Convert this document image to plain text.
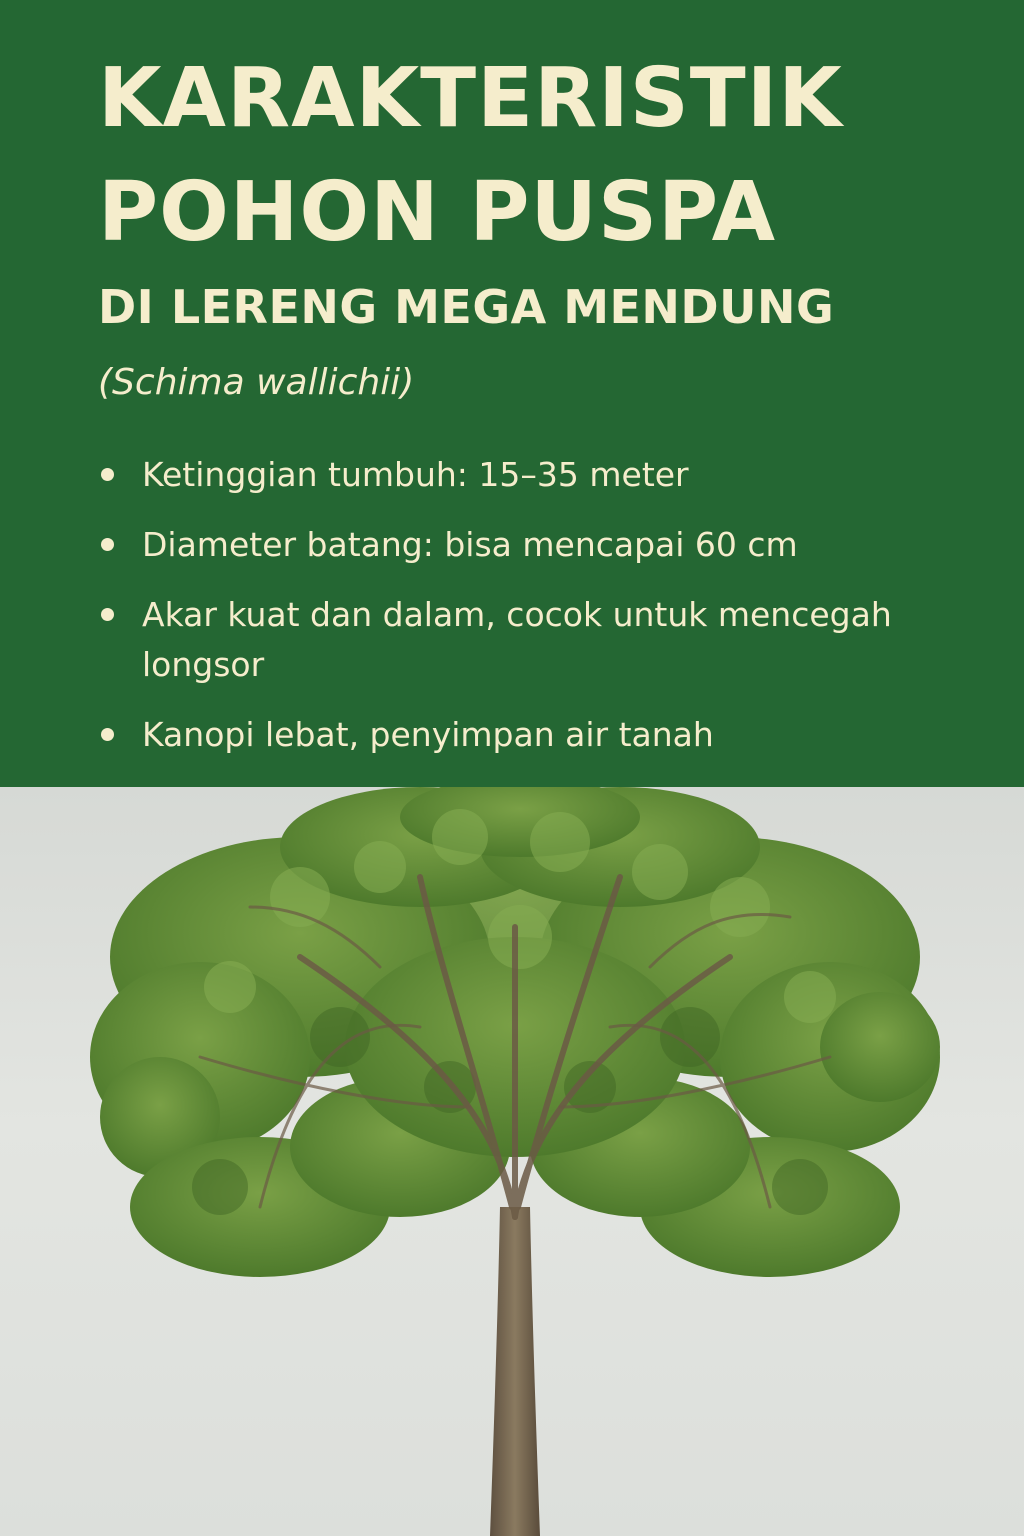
KARAKTERISTIK
POHON PUSPA
DI LERENG MEGA MENDUNG

(Schima wallichii)

Ketinggian tumbuh: 15–35 meter
Diameter batang: bisa mencapai 60 cm
Akar kuat dan dalam, cocok untuk mencegah longsor
Kanopi lebat, penyimpan air tanah
